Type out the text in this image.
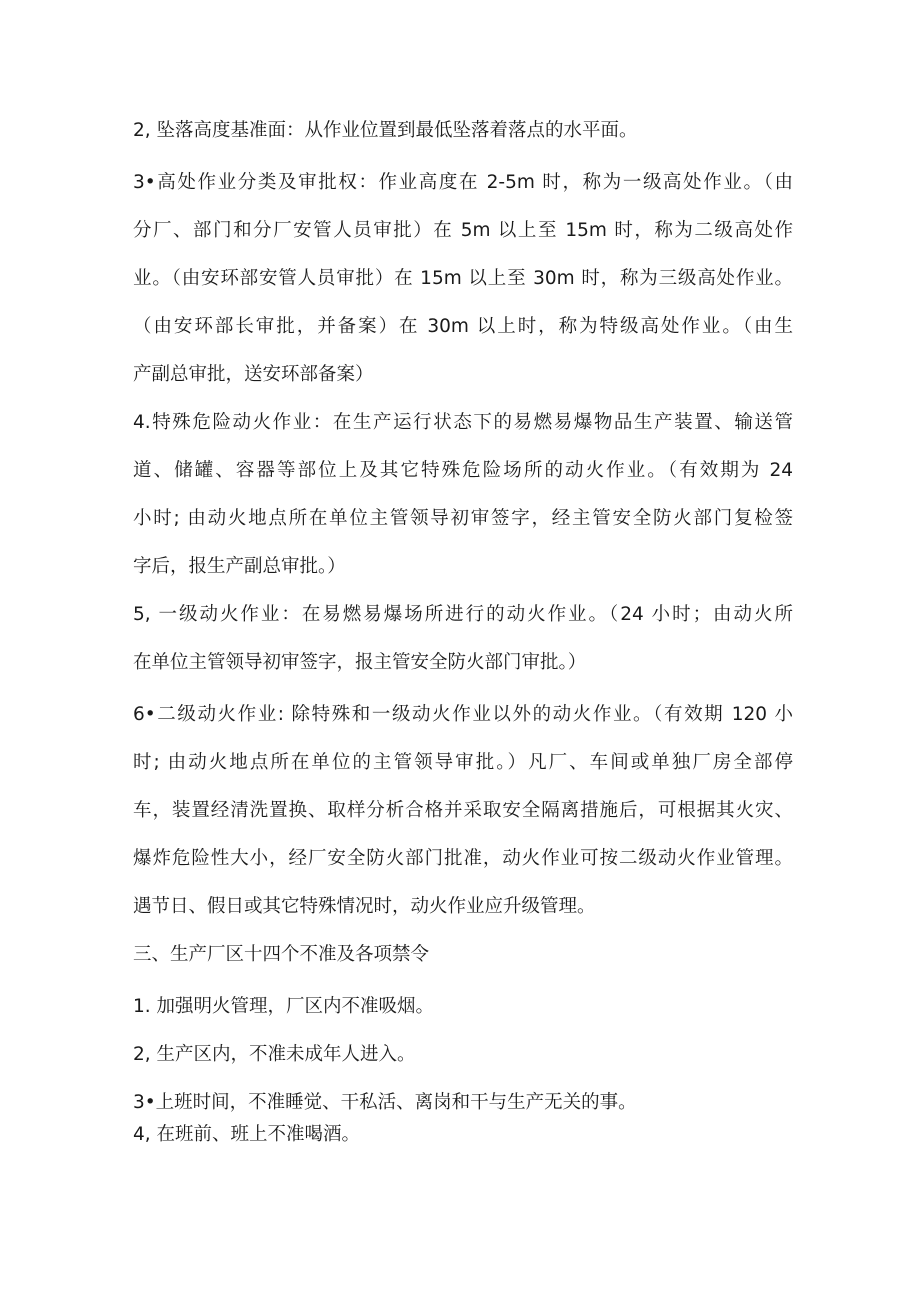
2, 坠落高度基准面：从作业位置到最低坠落着落点的水平面。
3•高处作业分类及审批权：作业高度在 2-5m 时，称为一级高处作业。（由
分厂、部门和分厂安管人员审批）在 5m 以上至 15m 时，称为二级高处作
业。（由安环部安管人员审批）在 15m 以上至 30m 时，称为三级高处作业。
（由安环部长审批，并备案）在 30m 以上时，称为特级高处作业。（由生
产副总审批，送安环部备案）
4.特殊危险动火作业：在生产运行状态下的易燃易爆物品生产装置、输送管
道、储罐、容器等部位上及其它特殊危险场所的动火作业。（有效期为 24
小时; 由动火地点所在单位主管领导初审签字，经主管安全防火部门复检签
字后，报生产副总审批。）
5, 一级动火作业：在易燃易爆场所进行的动火作业。（24 小时；由动火所
在单位主管领导初审签字，报主管安全防火部门审批。）
6•二级动火作业: 除特殊和一级动火作业以外的动火作业。（有效期 120 小
时; 由动火地点所在单位的主管领导审批。）凡厂、车间或单独厂房全部停
车，装置经清洗置换、取样分析合格并采取安全隔离措施后，可根据其火灾、
爆炸危险性大小，经厂安全防火部门批准，动火作业可按二级动火作业管理。
遇节日、假日或其它特殊情况时，动火作业应升级管理。
三、生产厂区十四个不准及各项禁令
1. 加强明火管理，厂区内不准吸烟。
2, 生产区内，不准未成年人进入。
3•上班时间，不准睡觉、干私活、离岗和干与生产无关的事。
4, 在班前、班上不准喝酒。
